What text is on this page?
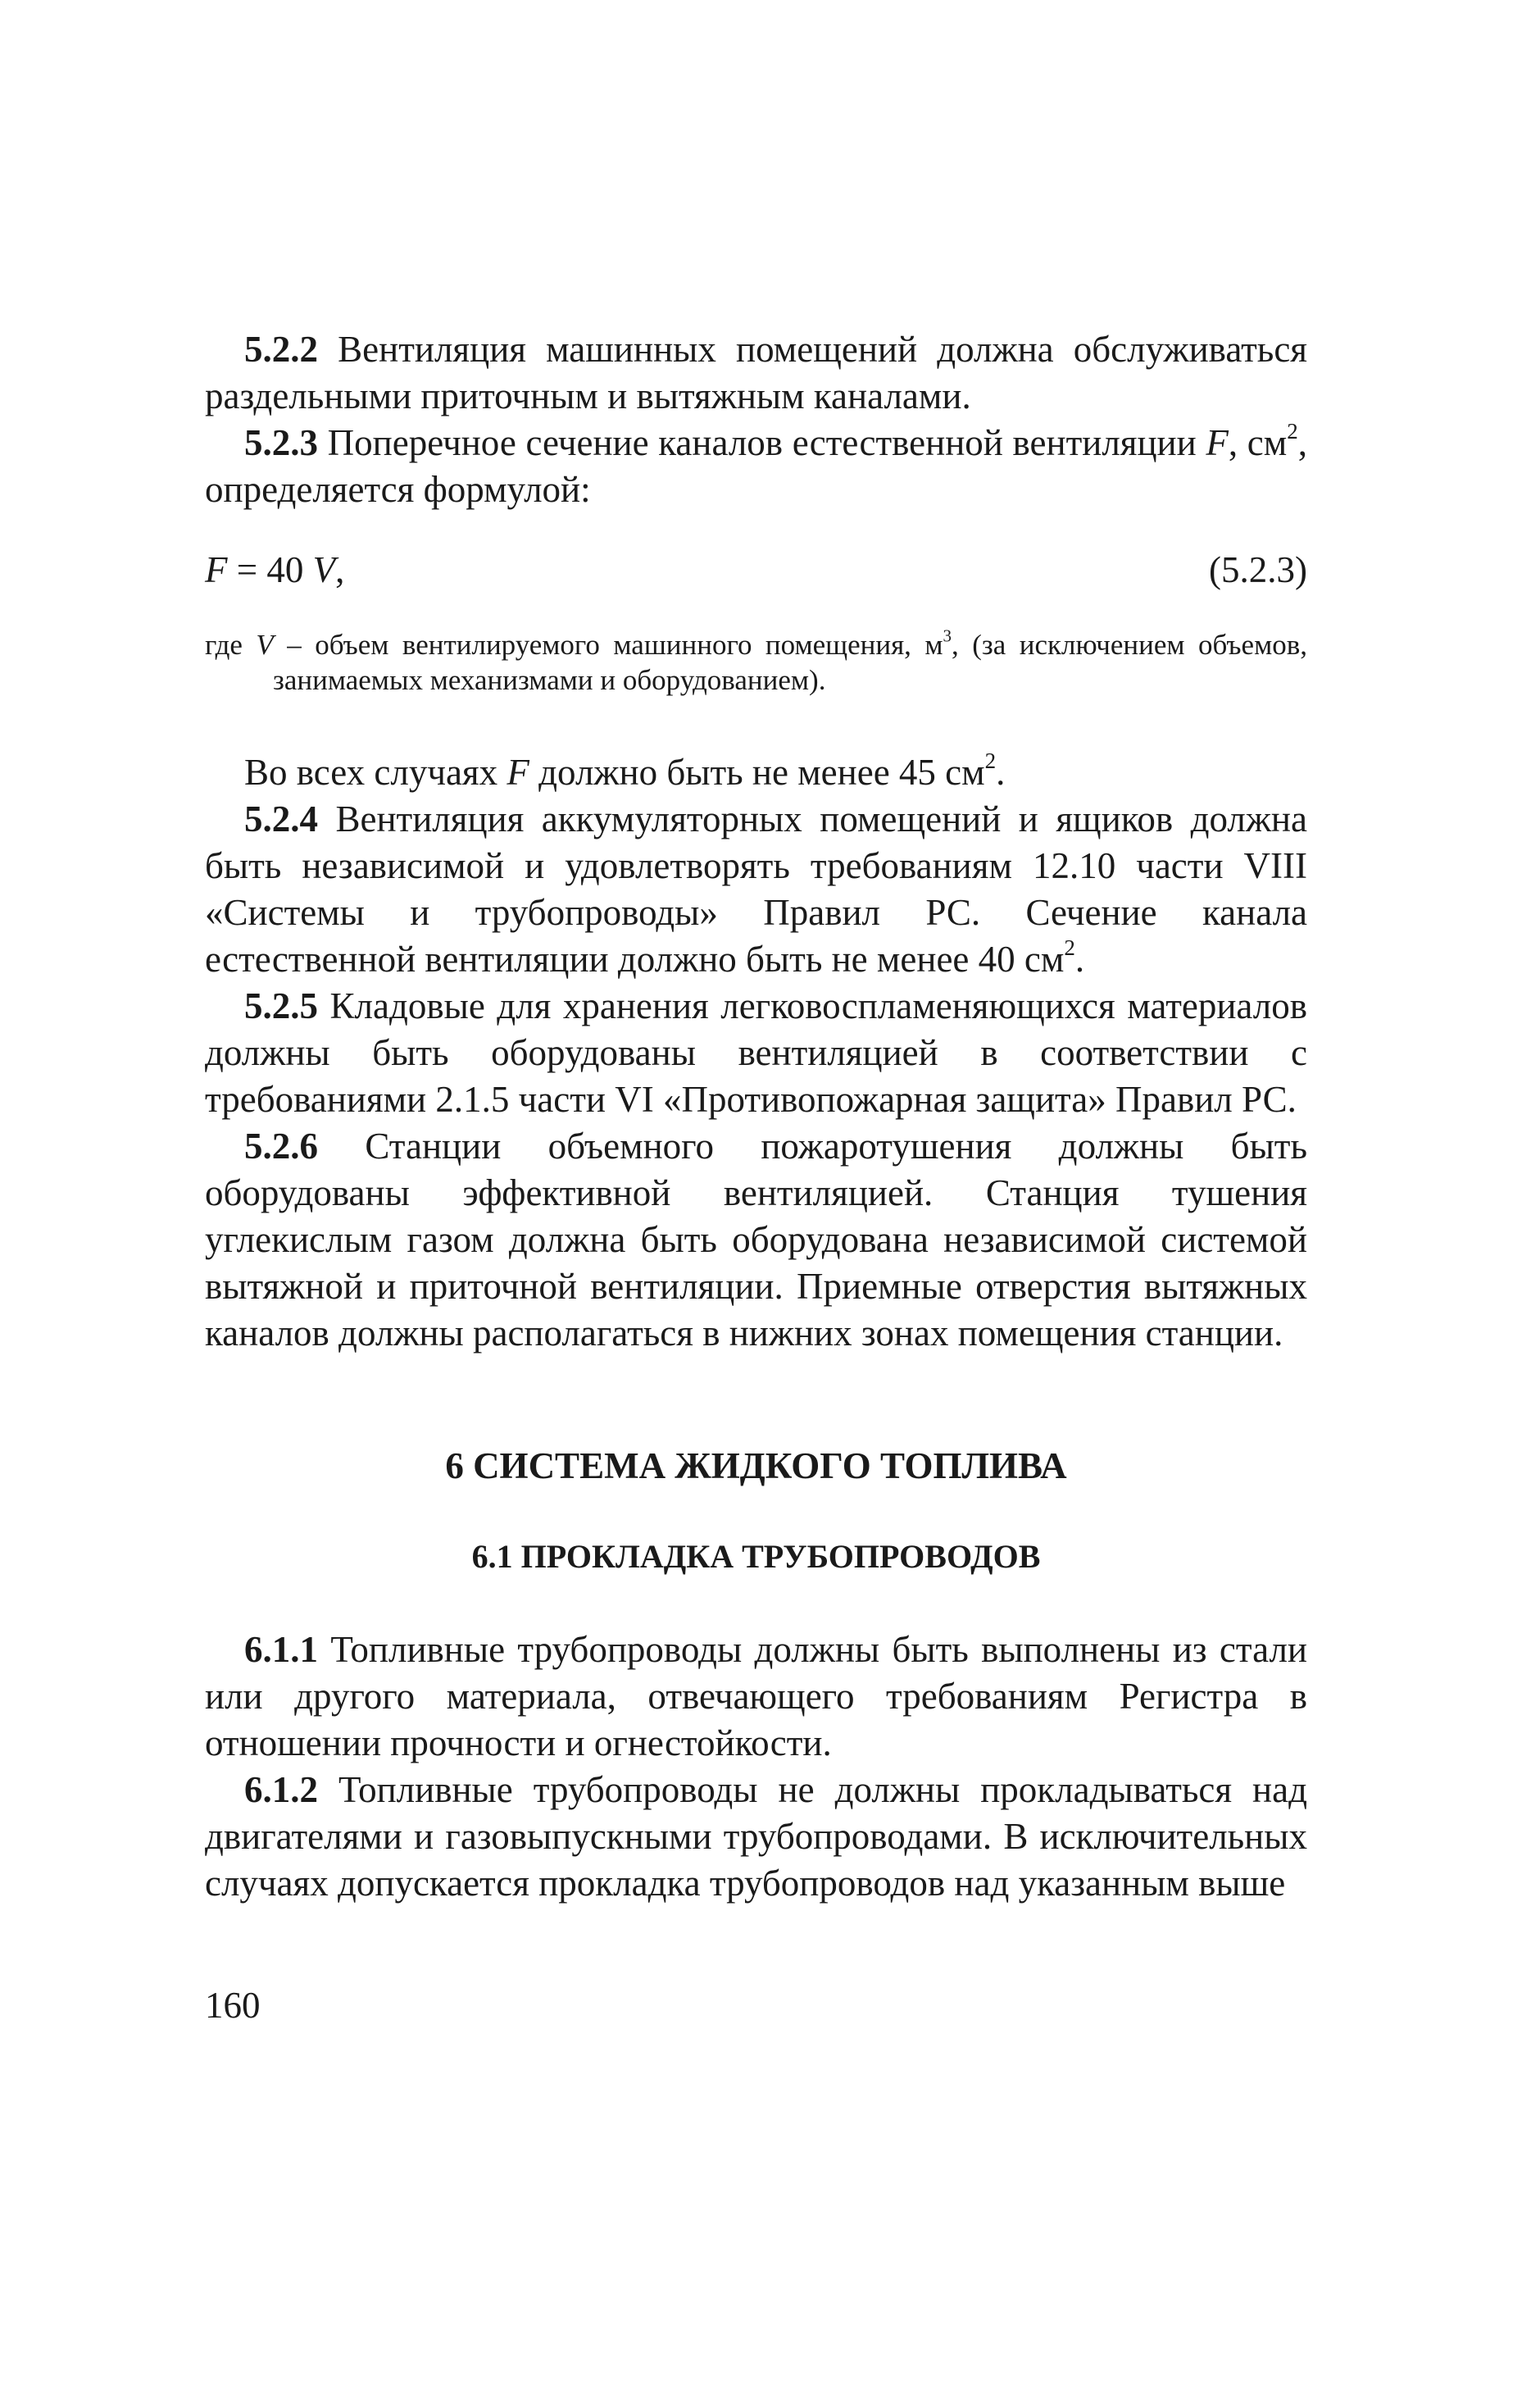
5.2.2 Вентиляция машинных помещений должна обслуживаться раздельными приточным и вытяжным каналами.

5.2.3 Поперечное сечение каналов естественной вентиляции F, $см^2$, определяется формулой:

F = 40 V,	(5.2.3)

где V – объем вентилируемого машинного помещения, $м^3$, (за исключением объемов, занимаемых механизмами и оборудованием).

Во всех случаях F должно быть не менее 45 $см^2$.

5.2.4 Вентиляция аккумуляторных помещений и ящиков должна быть независимой и удовлетворять требованиям 12.10 части VIII «Системы и трубопроводы» Правил РС. Сечение канала естественной вентиляции должно быть не менее 40 $см^2$.

5.2.5 Кладовые для хранения легковоспламеняющихся материалов должны быть оборудованы вентиляцией в соответствии с требованиями 2.1.5 части VI «Противопожарная защита» Правил РС.

5.2.6 Станции объемного пожаротушения должны быть оборудованы эффективной вентиляцией. Станция тушения углекислым газом должна быть оборудована независимой системой вытяжной и приточной вентиляции. Приемные отверстия вытяжных каналов должны располагаться в нижних зонах помещения станции.

6 СИСТЕМА ЖИДКОГО ТОПЛИВА
6.1 ПРОКЛАДКА ТРУБОПРОВОДОВ

6.1.1 Топливные трубопроводы должны быть выполнены из стали или другого материала, отвечающего требованиям Регистра в отношении прочности и огнестойкости.

6.1.2 Топливные трубопроводы не должны прокладываться над двигателями и газовыпускными трубопроводами. В исключительных случаях допускается прокладка трубопроводов над указанным выше

160
